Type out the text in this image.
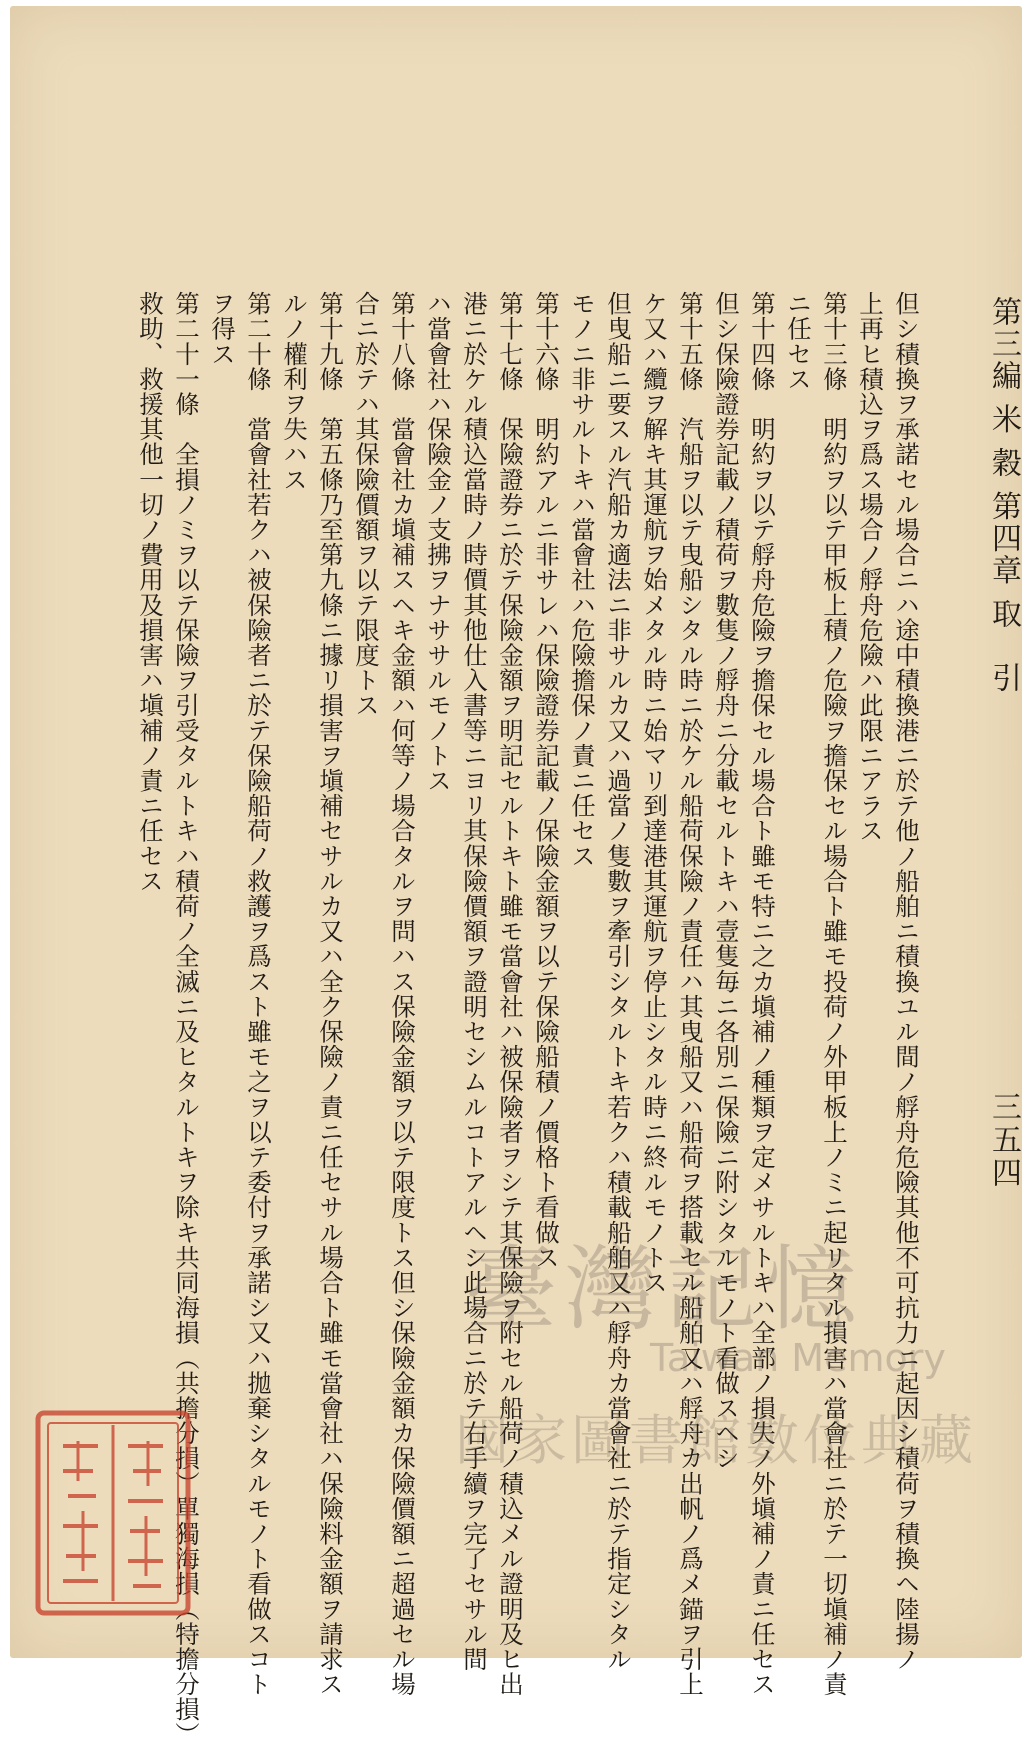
第三編 米 穀 第四章 取　引
三五四
但シ積換ヲ承諾セル場合ニハ途中積換港ニ於テ他ノ船舶ニ積換ユル間ノ艀舟危險其他不可抗力ニ起因シ積荷ヲ積換ヘ陸揚ノ
上再ヒ積込ヲ爲ス場合ノ艀舟危險ハ此限ニアラス
第十三條　明約ヲ以テ甲板上積ノ危險ヲ擔保セル場合ト雖モ投荷ノ外甲板上ノミニ起リタル損害ハ當會社ニ於テ一切塡補ノ責
ニ任セス
第十四條　明約ヲ以テ艀舟危險ヲ擔保セル場合ト雖モ特ニ之カ塡補ノ種類ヲ定メサルトキハ全部ノ損失ノ外塡補ノ責ニ任セス
但シ保險證券記載ノ積荷ヲ數隻ノ艀舟ニ分載セルトキハ壹隻毎ニ各別ニ保險ニ附シタルモノト看做スヘシ
第十五條　汽船ヲ以テ曳船シタル時ニ於ケル船荷保險ノ責任ハ其曳船又ハ船荷ヲ搭載セル船舶又ハ艀舟カ出帆ノ爲メ錨ヲ引上
ケ又ハ纜ヲ解キ其運航ヲ始メタル時ニ始マリ到達港其運航ヲ停止シタル時ニ終ルモノトス
但曳船ニ要スル汽船カ適法ニ非サルカ又ハ過當ノ隻數ヲ牽引シタルトキ若クハ積載船舶又ハ艀舟カ當會社ニ於テ指定シタル
モノニ非サルトキハ當會社ハ危險擔保ノ責ニ任セス
第十六條　明約アルニ非サレハ保險證券記載ノ保險金額ヲ以テ保險船積ノ價格ト看做ス
第十七條　保險證券ニ於テ保險金額ヲ明記セルトキト雖モ當會社ハ被保險者ヲシテ其保險ヲ附セル船荷ノ積込メル證明及ヒ出
港ニ於ケル積込當時ノ時價其他仕入書等ニヨリ其保險價額ヲ證明セシムルコトアルヘシ此場合ニ於テ右手續ヲ完了セサル間
ハ當會社ハ保險金ノ支拂ヲナササルモノトス
第十八條　當會社カ塡補スヘキ金額ハ何等ノ場合タルヲ問ハス保險金額ヲ以テ限度トス但シ保險金額カ保險價額ニ超過セル場
合ニ於テハ其保險價額ヲ以テ限度トス
第十九條　第五條乃至第九條ニ據リ損害ヲ塡補セサルカ又ハ全ク保險ノ責ニ任セサル場合ト雖モ當會社ハ保險料金額ヲ請求ス
ルノ權利ヲ失ハス
第二十條　當會社若クハ被保險者ニ於テ保險船荷ノ救護ヲ爲スト雖モ之ヲ以テ委付ヲ承諾シ又ハ拋棄シタルモノト看做スコト
ヲ得ス
第二十一條　全損ノミヲ以テ保險ヲ引受タルトキハ積荷ノ全滅ニ及ヒタルトキヲ除キ共同海損（共擔分損）單獨海損（特擔分損）
救助、救援其他一切ノ費用及損害ハ塡補ノ責ニ任セス
臺灣記憶
Taiwan Memory
國家圖書館數位典藏
